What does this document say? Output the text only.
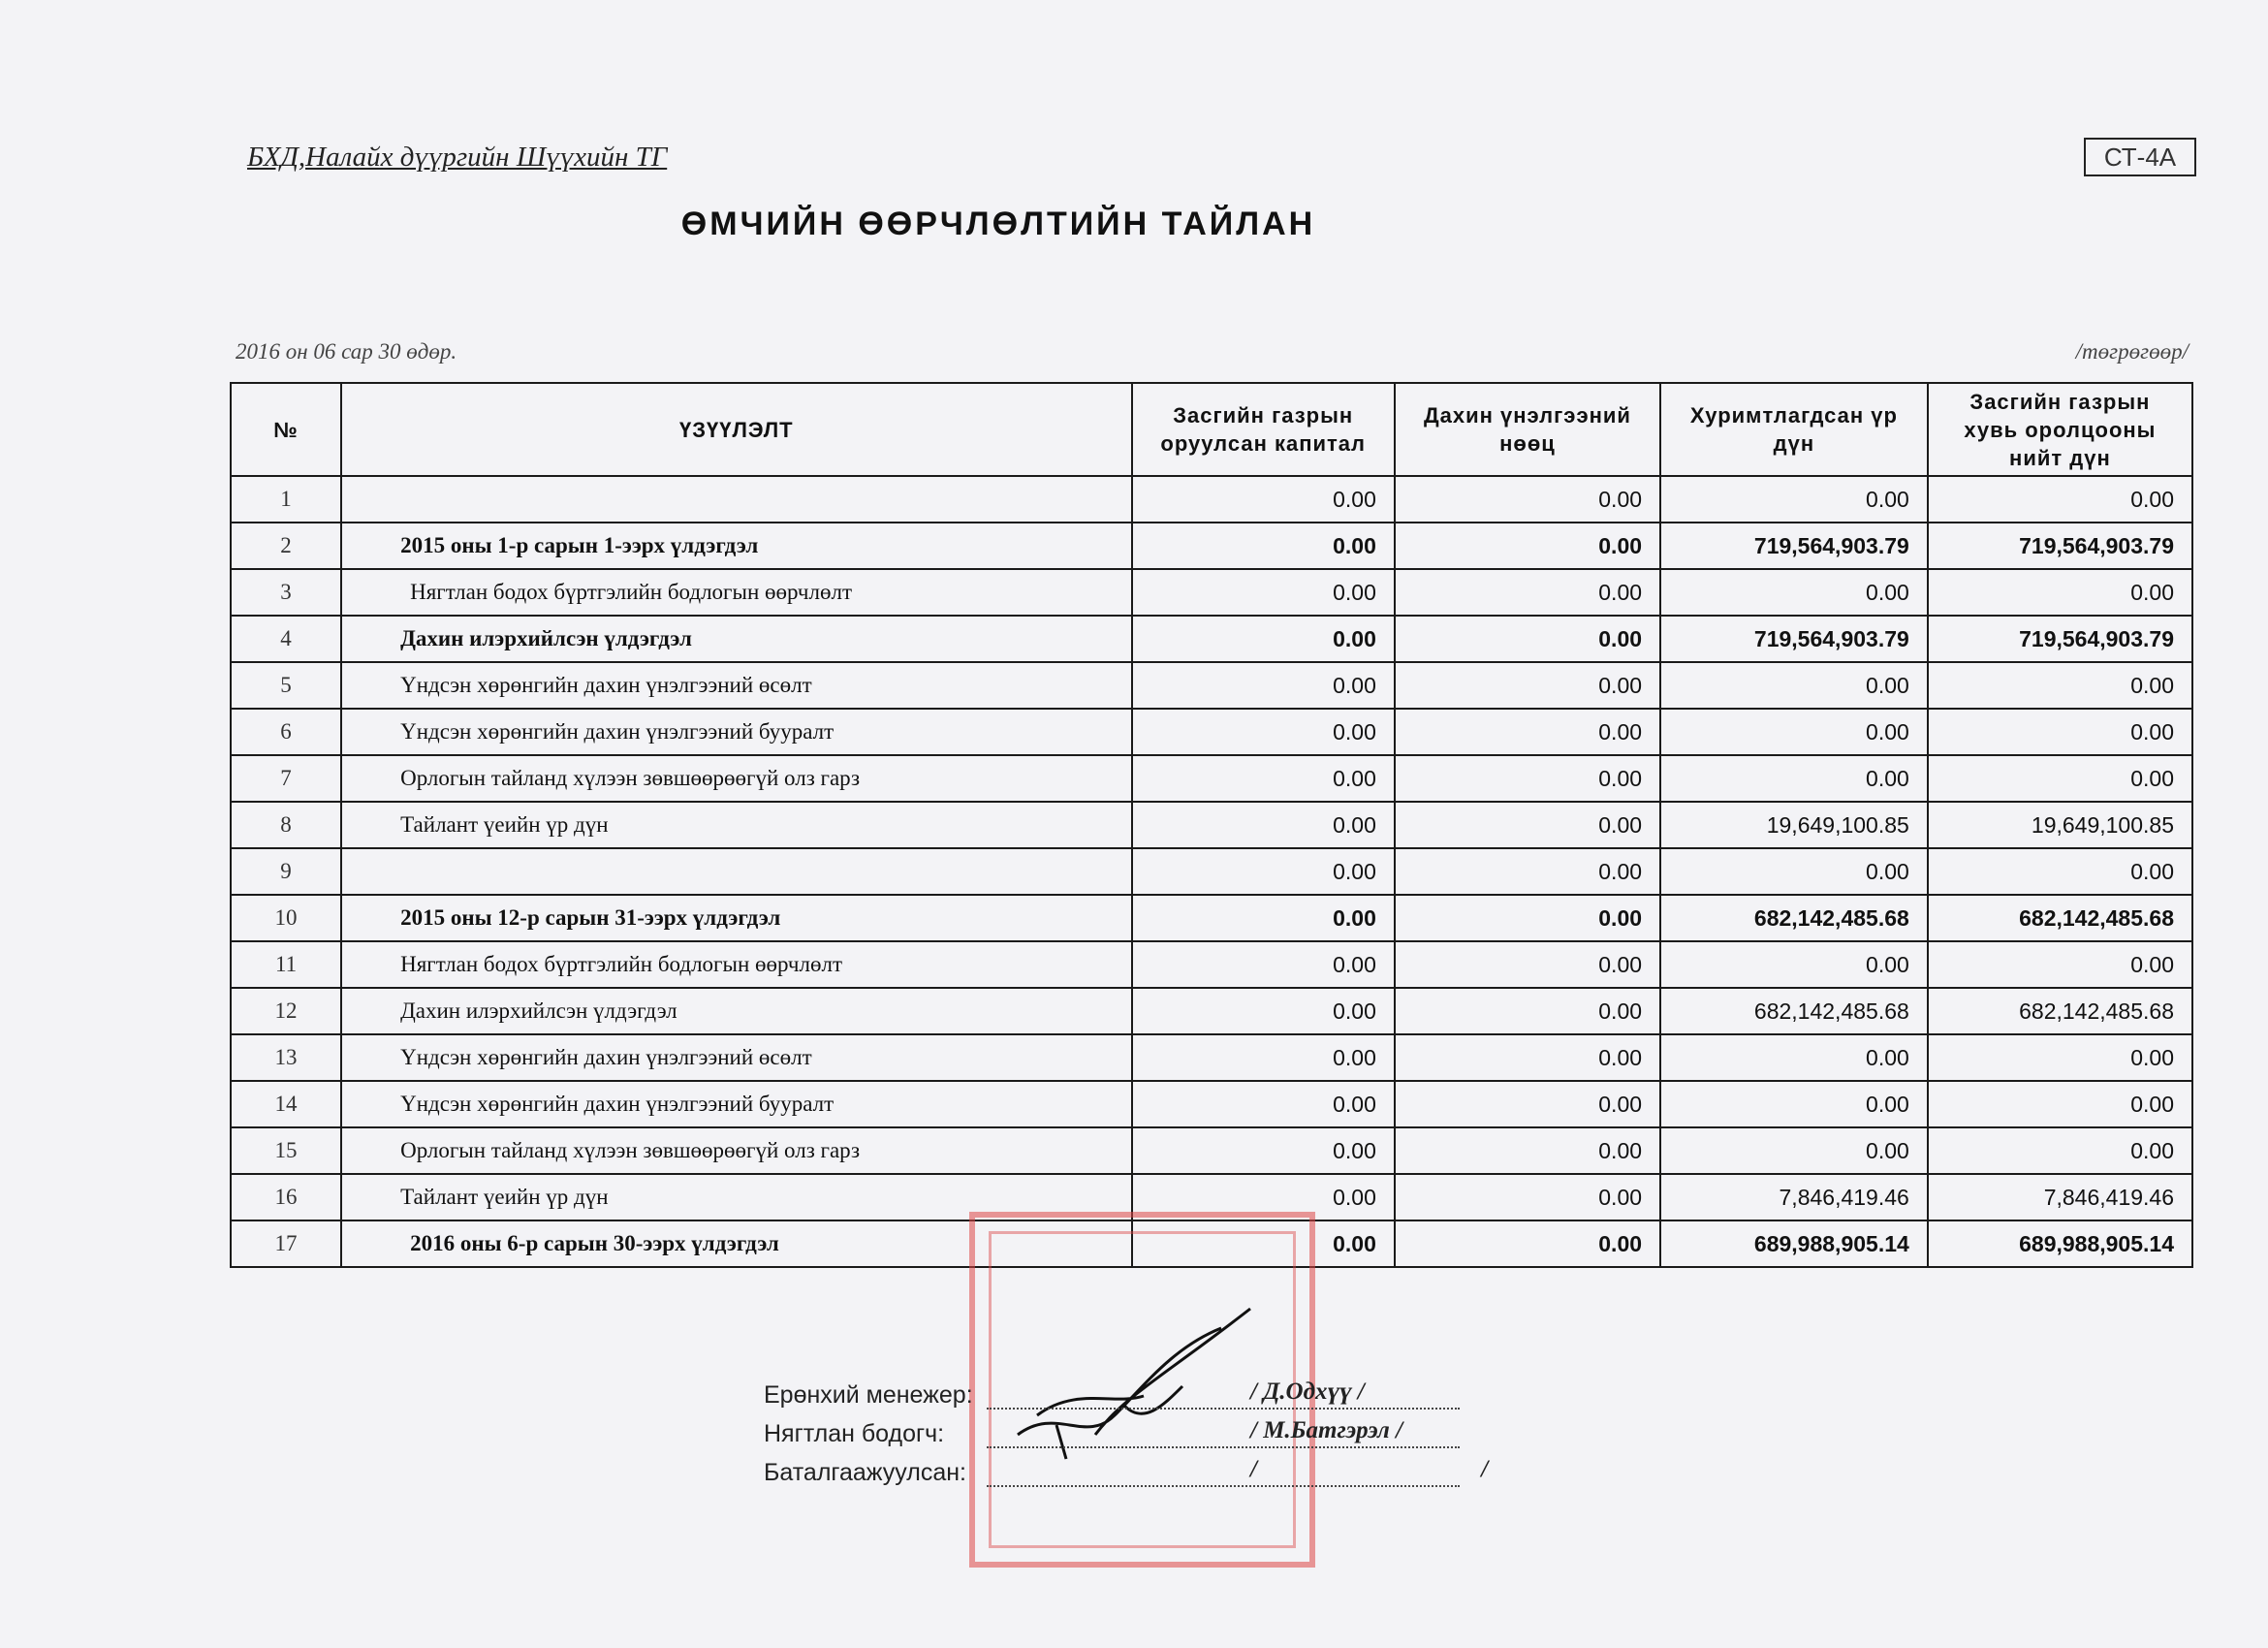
БХД,Налайх дүүргийн Шүүхийн ТГ	СТ-4А
ӨМЧИЙН ӨӨРЧЛӨЛТИЙН ТАЙЛАН
2016 он 06 сар 30 өдөр.	/төгрөгөөр/
№	ҮЗҮҮЛЭЛТ	Засгийн газрын оруулсан капитал	Дахин үнэлгээний нөөц	Хуримтлагдсан үр дүн	Засгийн газрын хувь оролцооны нийт дүн
1		0.00	0.00	0.00	0.00
2	2015 оны 1-р сарын 1-ээрх үлдэгдэл	0.00	0.00	719,564,903.79	719,564,903.79
3	Нягтлан бодох бүртгэлийн бодлогын өөрчлөлт	0.00	0.00	0.00	0.00
4	Дахин илэрхийлсэн үлдэгдэл	0.00	0.00	719,564,903.79	719,564,903.79
5	Үндсэн хөрөнгийн дахин үнэлгээний өсөлт	0.00	0.00	0.00	0.00
6	Үндсэн хөрөнгийн дахин үнэлгээний бууралт	0.00	0.00	0.00	0.00
7	Орлогын тайланд хүлээн зөвшөөрөөгүй олз гарз	0.00	0.00	0.00	0.00
8	Тайлант үеийн үр дүн	0.00	0.00	19,649,100.85	19,649,100.85
9		0.00	0.00	0.00	0.00
10	2015 оны 12-р сарын 31-ээрх үлдэгдэл	0.00	0.00	682,142,485.68	682,142,485.68
11	Нягтлан бодох бүртгэлийн бодлогын өөрчлөлт	0.00	0.00	0.00	0.00
12	Дахин илэрхийлсэн үлдэгдэл	0.00	0.00	682,142,485.68	682,142,485.68
13	Үндсэн хөрөнгийн дахин үнэлгээний өсөлт	0.00	0.00	0.00	0.00
14	Үндсэн хөрөнгийн дахин үнэлгээний бууралт	0.00	0.00	0.00	0.00
15	Орлогын тайланд хүлээн зөвшөөрөөгүй олз гарз	0.00	0.00	0.00	0.00
16	Тайлант үеийн үр дүн	0.00	0.00	7,846,419.46	7,846,419.46
17	2016 оны 6-р сарын 30-ээрх үлдэгдэл	0.00	0.00	689,988,905.14	689,988,905.14
Ерөнхий менежер:	/ Д.Одхүү /
Нягтлан бодогч:	/ М.Батгэрэл /
Баталгаажуулсан:	/                                     /
